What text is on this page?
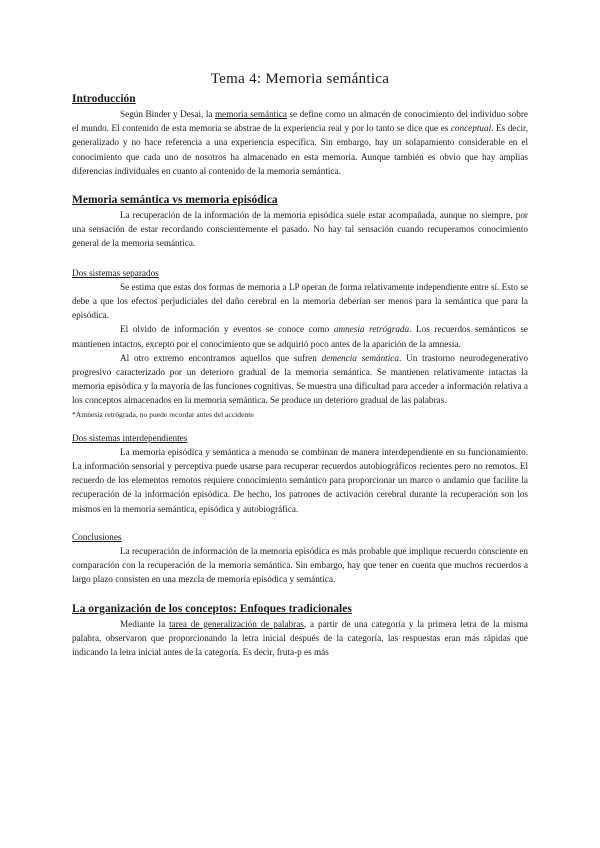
Tema 4: Memoria semántica
Introducción

Según Binder y Desai, la memoria semántica se define como un almacén de conocimiento del individuo sobre el mundo. El contenido de esta memoria se abstrae de la experiencia real y por lo tanto se dice que es conceptual. Es decir, generalizado y no hace referencia a una experiencia específica. Sin embargo, hay un solapamiento considerable en el conocimiento que cada uno de nosotros ha almacenado en esta memoria. Aunque también es obvio que hay amplias diferencias individuales en cuanto al contenido de la memoria semántica.

Memoria semántica vs memoria episódica

La recuperación de la información de la memoria episódica suele estar acompañada, aunque no siempre, por una sensación de estar recordando conscientemente el pasado. No hay tal sensación cuando recuperamos conocimiento general de la memoria semántica.

Dos sistemas separados

Se estima que estas dos formas de memoria a LP operan de forma relativamente independiente entre sí. Esto se debe a que los efectos perjudiciales del daño cerebral en la memoria deberían ser menos para la semántica que para la episódica.

El olvido de información y eventos se conoce como amnesia retrógrada. Los recuerdos semánticos se mantienen intactos, excepto por el conocimiento que se adquirió poco antes de la aparición de la amnesia.

Al otro extremo encontramos aquellos que sufren demencia semántica. Un trastorno neurodegenerativo progresivo caracterizado por un deterioro gradual de la memoria semántica. Se mantienen relativamente intactas la memoria episódica y la mayoría de las funciones cognitivas. Se muestra una dificultad para acceder a información relativa a los conceptos almacenados en la memoria semántica. Se produce un deterioro gradual de las palabras.

*Amnesia retrógrada, no puede recordar antes del accidente

Dos sistemas interdependientes

La memoria episódica y semántica a menudo se combinan de manera interdependiente en su funcionamiento. La información sensorial y perceptiva puede usarse para recuperar recuerdos autobiográficos recientes pero no remotos. El recuerdo de los elementos remotos requiere conocimiento semántico para proporcionar un marco o andamio que facilite la recuperación de la información episódica. De hecho, los patrones de activación cerebral durante la recuperación son los mismos en la memoria semántica, episódica y autobiográfica.

Conclusiones

La recuperación de información de la memoria episódica es más probable que implique recuerdo consciente en comparación con la recuperación de la memoria semántica. Sin embargo, hay que tener en cuenta que muchos recuerdos a largo plazo consisten en una mezcla de memoria episódica y semántica.

La organización de los conceptos: Enfoques tradicionales

Mediante la tarea de generalización de palabras, a partir de una categoría y la primera letra de la misma palabra, observaron que proporcionando la letra inicial después de la categoría, las respuestas eran más rápidas que indicando la letra inicial antes de la categoría. Es decir, fruta-p es más
